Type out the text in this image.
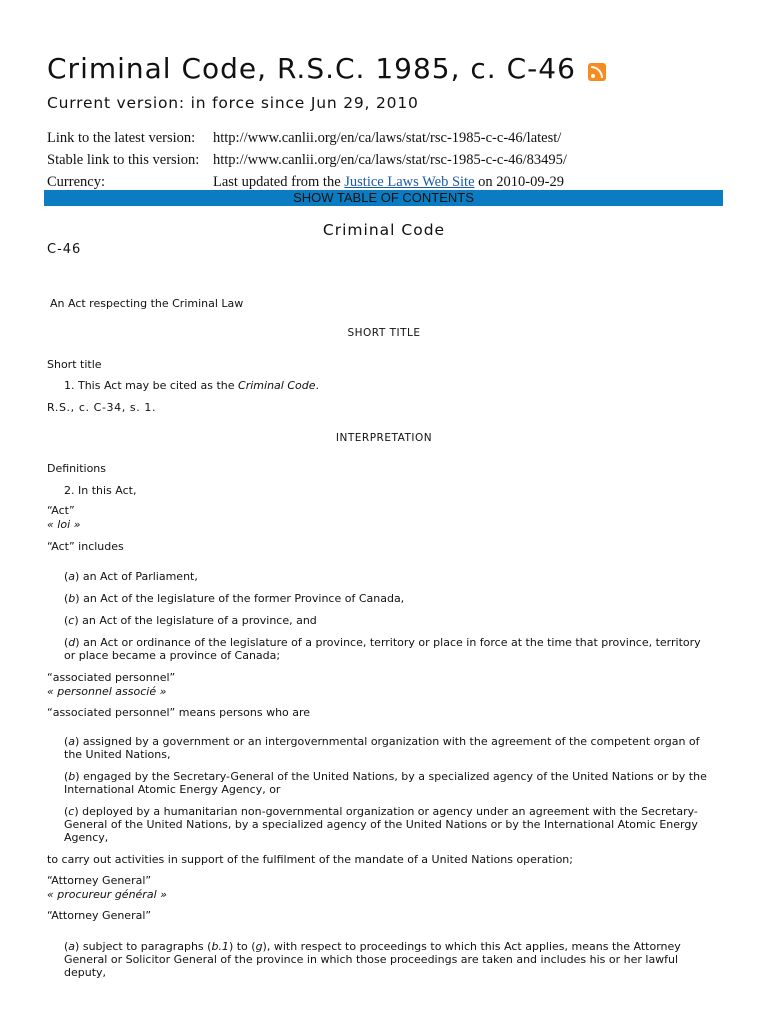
Criminal Code, R.S.C. 1985, c. C-46
Current version: in force since Jun 29, 2010
Link to the latest version:	http://www.canlii.org/en/ca/laws/stat/rsc-1985-c-c-46/latest/
Stable link to this version: http://www.canlii.org/en/ca/laws/stat/rsc-1985-c-c-46/83495/
Currency:	Last updated from the Justice Laws Web Site on 2010-09-29
SHOW TABLE OF CONTENTS
Criminal Code
C-46
An Act respecting the Criminal Law
SHORT TITLE
Short title
1. This Act may be cited as the Criminal Code.
R.S., c. C-34, s. 1.
INTERPRETATION
Definitions
2. In this Act,
“Act”
« loi »
“Act” includes
(a) an Act of Parliament,
(b) an Act of the legislature of the former Province of Canada,
(c) an Act of the legislature of a province, and
(d) an Act or ordinance of the legislature of a province, territory or place in force at the time that province, territory or place became a province of Canada;
“associated personnel”
« personnel associé »
“associated personnel” means persons who are
(a) assigned by a government or an intergovernmental organization with the agreement of the competent organ of the United Nations,
(b) engaged by the Secretary-General of the United Nations, by a specialized agency of the United Nations or by the International Atomic Energy Agency, or
(c) deployed by a humanitarian non-governmental organization or agency under an agreement with the Secretary-General of the United Nations, by a specialized agency of the United Nations or by the International Atomic Energy Agency,
to carry out activities in support of the fulfilment of the mandate of a United Nations operation;
“Attorney General”
« procureur général »
“Attorney General”
(a) subject to paragraphs (b.1) to (g), with respect to proceedings to which this Act applies, means the Attorney General or Solicitor General of the province in which those proceedings are taken and includes his or her lawful deputy,
